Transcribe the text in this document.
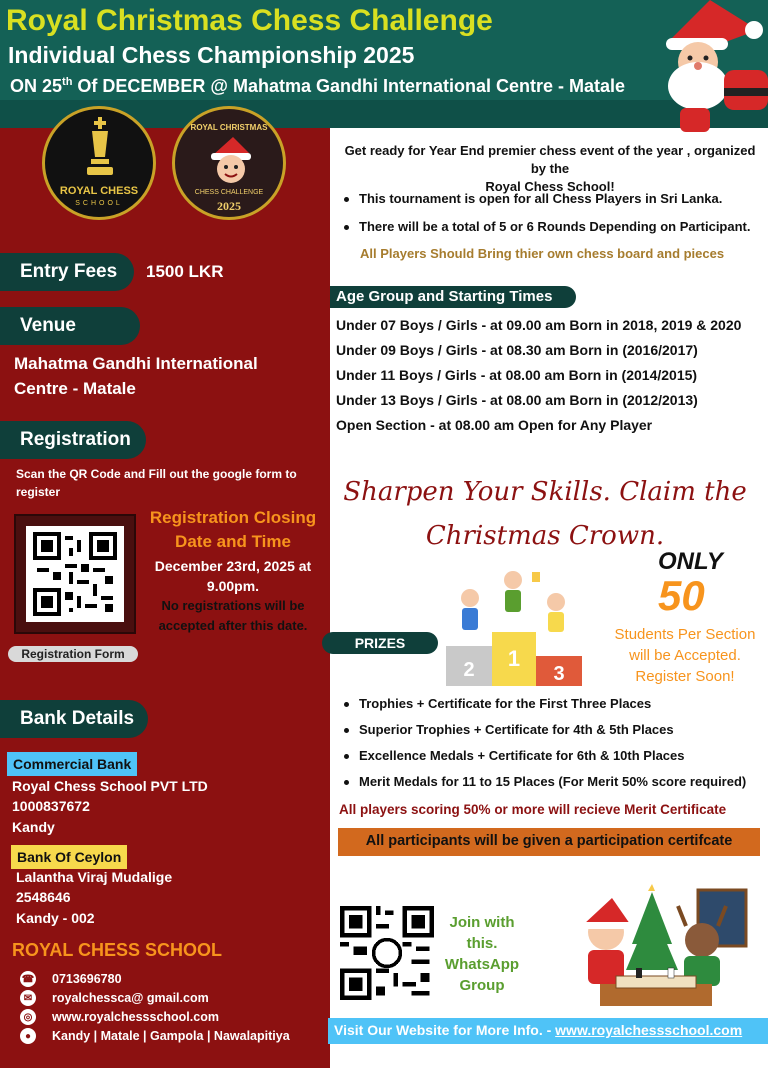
Royal Christmas Chess Challenge
Individual Chess Championship 2025
ON 25th Of DECEMBER @ Mahatma Gandhi International Centre - Matale
ROYAL CHESS
SCHOOL
ROYAL CHRISTMAS
CHESS CHALLENGE
2025
Entry Fees	1500 LKR
Venue
Mahatma Gandhi International
Centre - Matale
Registration
Scan the QR Code and Fill out the google form to
register
Registration Form
Registration Closing Date and Time
December 23rd, 2025 at 9.00pm.
No registrations will be accepted after this date.
Bank Details
Commercial Bank
Royal Chess School PVT LTD
1000837672
Kandy
Bank Of Ceylon
Lalantha Viraj Mudalige
2548646
Kandy - 002
ROYAL CHESS SCHOOL
☎ 0713696780
✉	royalchessca@ gmail.com
◎ www.royalchessschool.com
●	Kandy | Matale | Gampola | Nawalapitiya
Get ready for Year End premier chess event of the year , organized by the
Royal Chess School!
This tournament is open for all Chess Players in Sri Lanka.
There will be a total of 5 or 6 Rounds Depending on Participant.
All Players Should Bring thier own chess board and pieces
Age Group and Starting Times
Under 07 Boys / Girls - at 09.00 am Born in 2018, 2019 & 2020
Under 09 Boys / Girls - at 08.30 am Born in (2016/2017)
Under 11 Boys / Girls - at 08.00 am Born in (2014/2015)
Under 13 Boys / Girls - at 08.00 am Born in (2012/2013)
Open Section - at 08.00 am Open for Any Player
Sharpen Your Skills. Claim the
Christmas Crown.
ONLY
50
Students Per Section
will be Accepted.
Register Soon!
2 1
3
PRIZES
Trophies + Certificate for the First Three Places
Superior Trophies + Certificate for 4th & 5th Places
Excellence Medals + Certificate for 6th & 10th Places
Merit Medals for 11 to 15 Places (For Merit 50% score required)
All players scoring 50% or more will recieve Merit Certificate
All participants will be given a participation certifcate
Join with
this.
WhatsApp
Group
Visit Our Website for More Info. - www.royalchessschool.com
